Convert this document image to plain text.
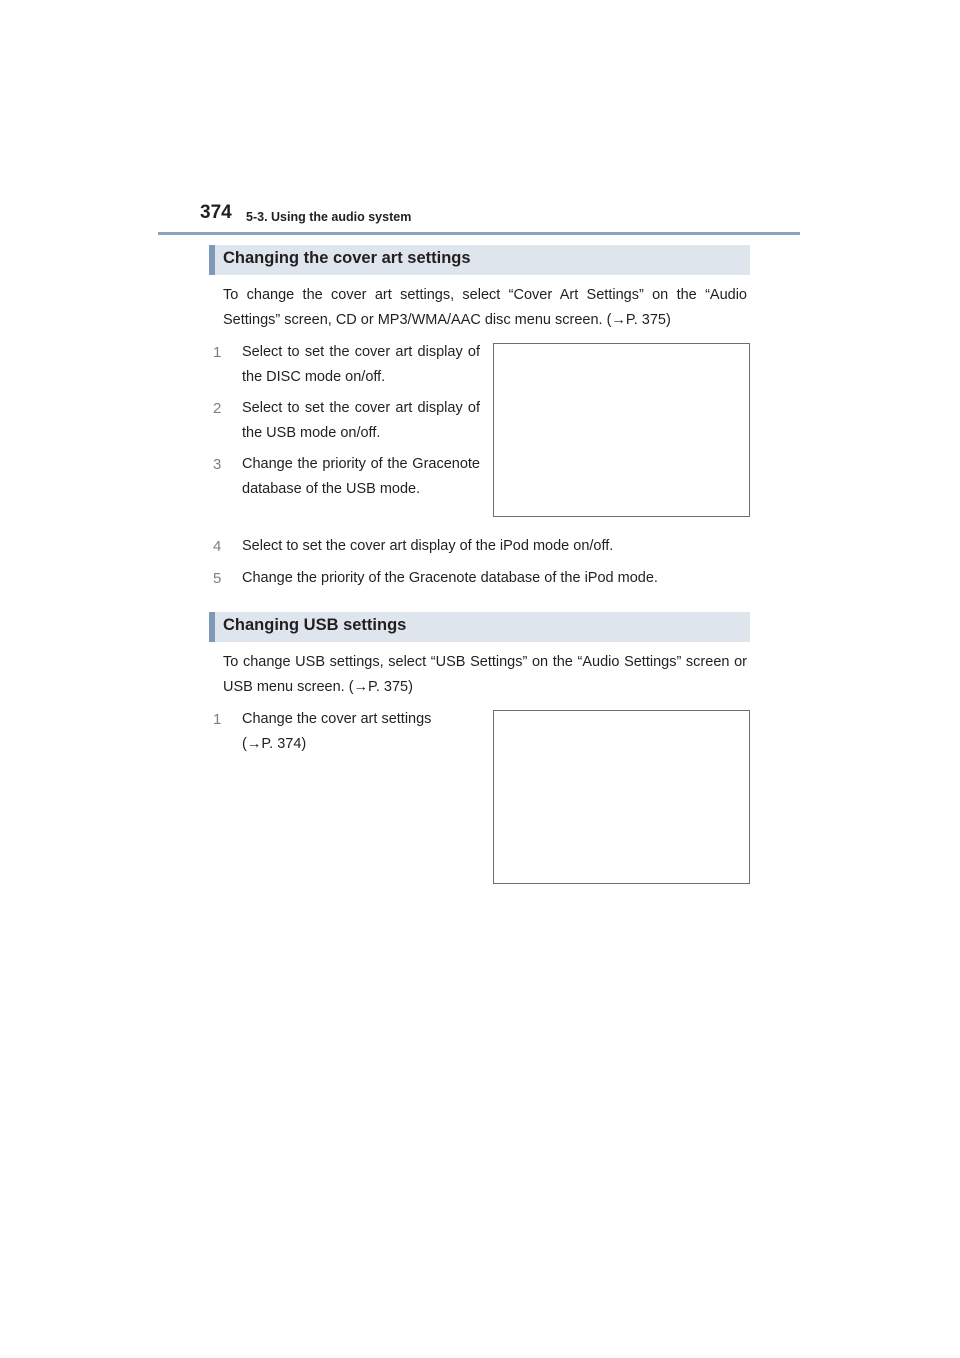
374 5-3. Using the audio system
Changing the cover art settings
To change the cover art settings, select “Cover Art Settings” on the “Audio Settings” screen, CD or MP3/WMA/AAC disc menu screen. (→P. 375)
1	Select to set the cover art display of the DISC mode on/off.
2	Select to set the cover art display of the USB mode on/off.
3	Change the priority of the Gracenote database of the USB mode.
4	Select to set the cover art display of the iPod mode on/off.
5	Change the priority of the Gracenote database of the iPod mode.
Changing USB settings
To change USB settings, select “USB Settings” on the “Audio Settings” screen or USB menu screen. (→P. 375)
1	Change the cover art settings (→P. 374)
